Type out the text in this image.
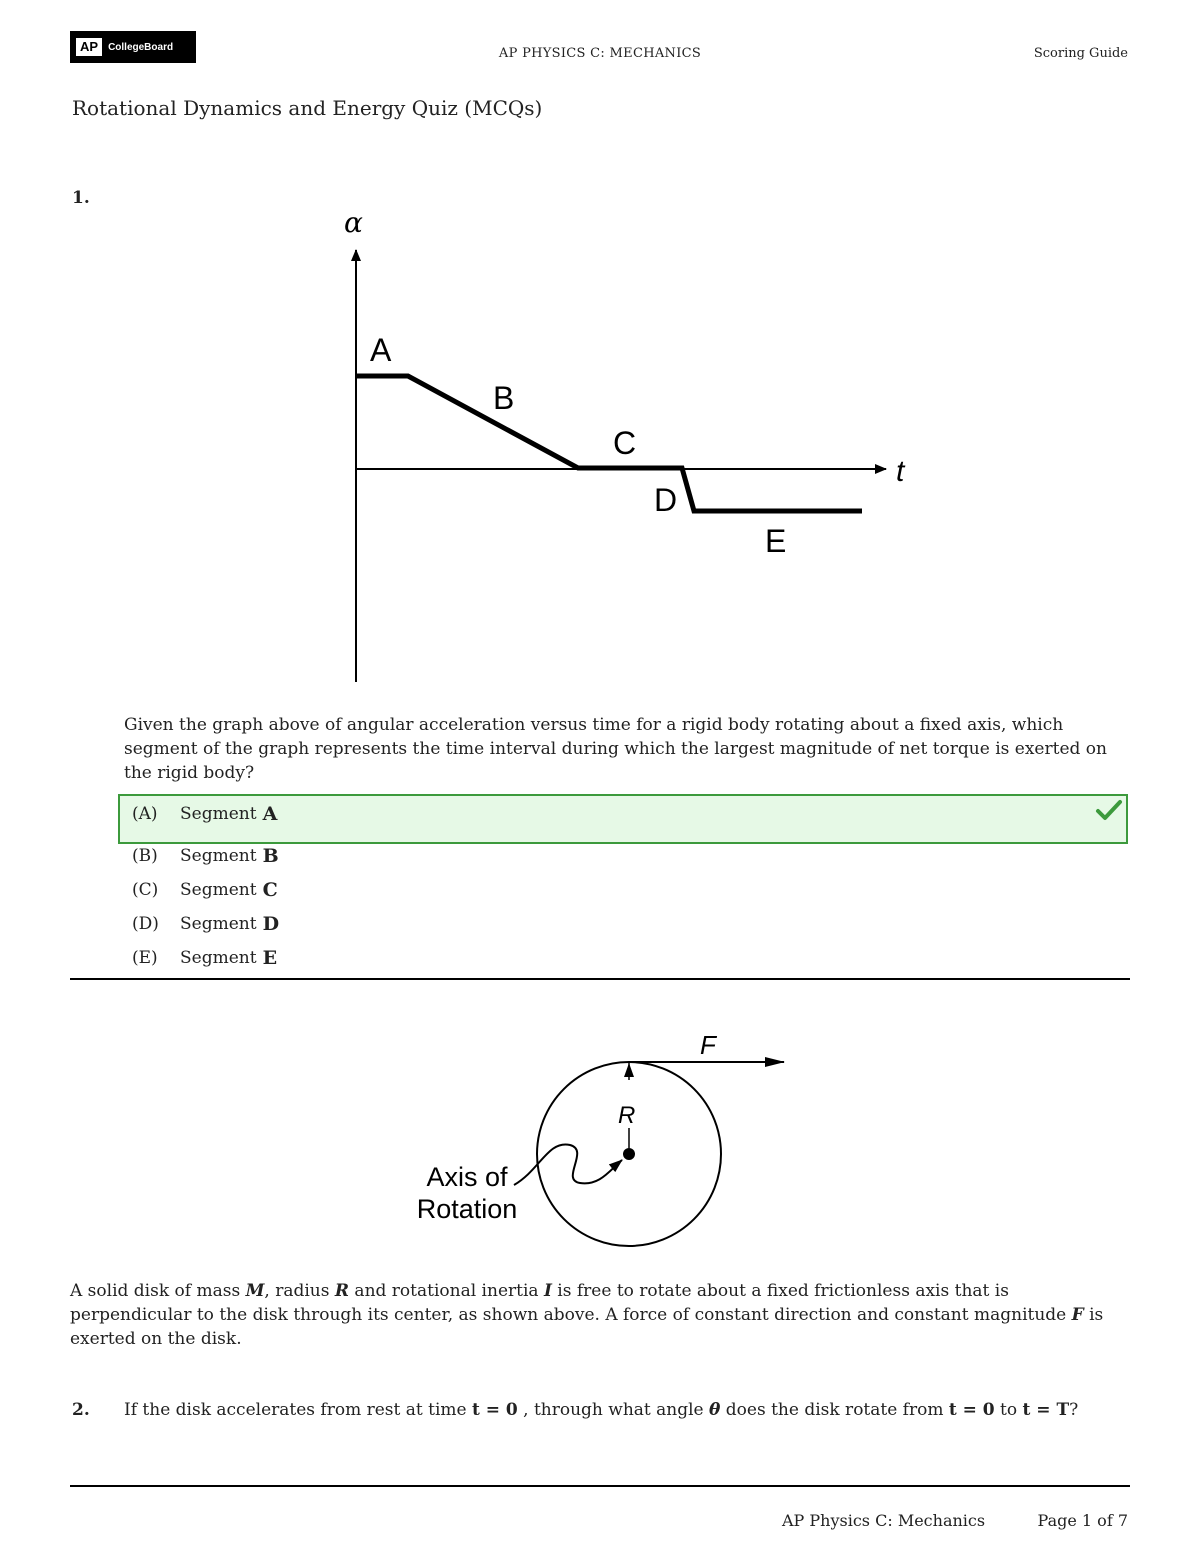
AP	CollegeBoard	AP PHYSICS C: MECHANICS	Scoring Guide
Rotational Dynamics and Energy Quiz (MCQs)
1.
α
t
A
B
C
D
E
Given the graph above of angular acceleration versus time for a rigid body rotating about a fixed axis, which segment of the graph represents the time interval during which the largest magnitude of net torque is exerted on the rigid body?
(A)	Segment A
(B)	Segment B
(C)	Segment C
(D)	Segment D
(E)	Segment E
F
R
Axis of
Rotation
A solid disk of mass M, radius R and rotational inertia I is free to rotate about a fixed frictionless axis that is perpendicular to the disk through its center, as shown above. A force of constant direction and constant magnitude F is exerted on the disk.
2. If the disk accelerates from rest at time t = 0 , through what angle θ does the disk rotate from t = 0 to t = T?
AP Physics C: Mechanics	Page 1 of 7
